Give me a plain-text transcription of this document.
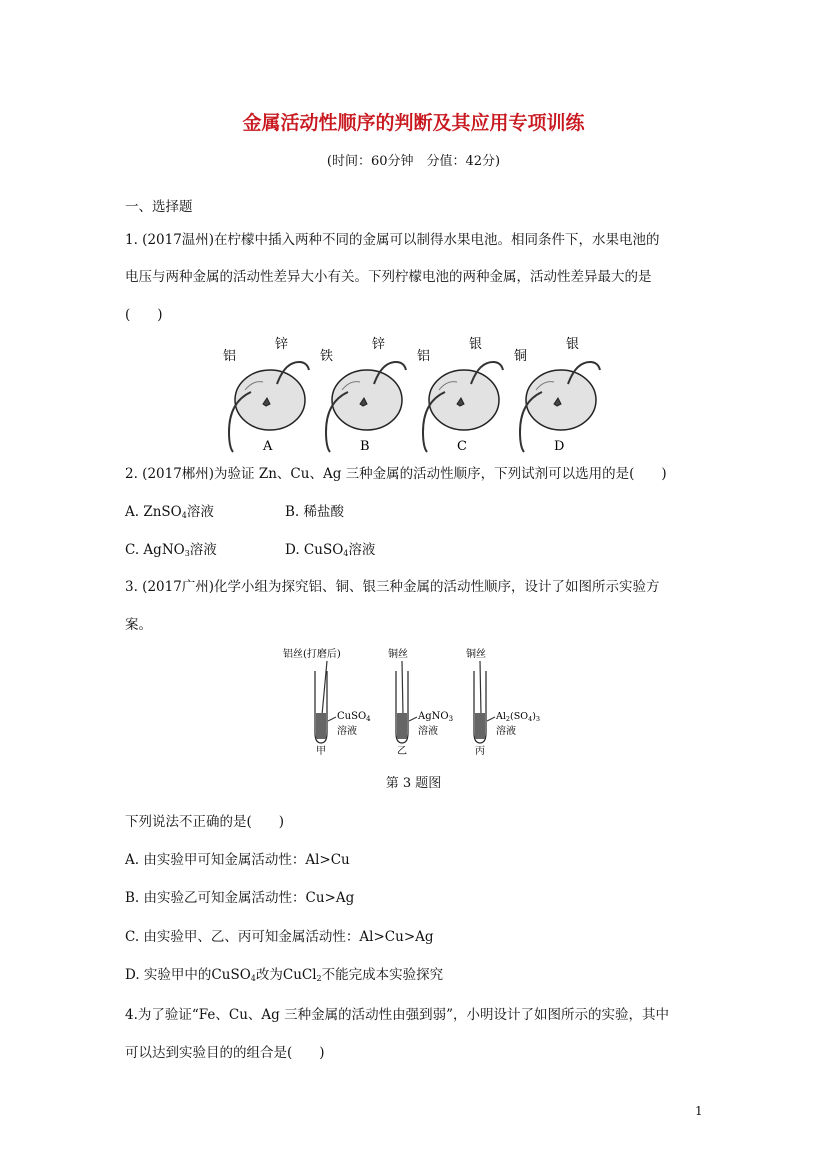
金属活动性顺序的判断及其应用专项训练
(时间：60分钟　分值：42分)
一、选择题
1. (2017温州)在柠檬中插入两种不同的金属可以制得水果电池。相同条件下，水果电池的
电压与两种金属的活动性差异大小有关。下列柠檬电池的两种金属，活动性差异最大的是
(　　)
铝
锌
A
铁
锌
B
铝
银
C
铜
银
D
2. (2017郴州)为验证 Zn、Cu、Ag 三种金属的活动性顺序，下列试剂可以选用的是(　　)
A. ZnSO$_4$溶液	B. 稀盐酸
C. AgNO$_3$溶液	D. CuSO$_4$溶液
3. (2017广州)化学小组为探究铝、铜、银三种金属的活动性顺序，设计了如图所示实验方
案。
铝丝(打磨后)
CuSO$_4$
溶液
甲
铜丝
AgNO$_3$
溶液
乙
铜丝
$Al_2(SO_4)_3$
溶液
丙
第 3 题图
下列说法不正确的是(　　)
A. 由实验甲可知金属活动性：Al>Cu
B. 由实验乙可知金属活动性：Cu>Ag
C. 由实验甲、乙、丙可知金属活动性：Al>Cu>Ag
D. 实验甲中的CuSO$_4$改为CuCl$_2$不能完成本实验探究
4.为了验证“Fe、Cu、Ag 三种金属的活动性由强到弱”，小明设计了如图所示的实验，其中
可以达到实验目的的组合是(　　)
1
